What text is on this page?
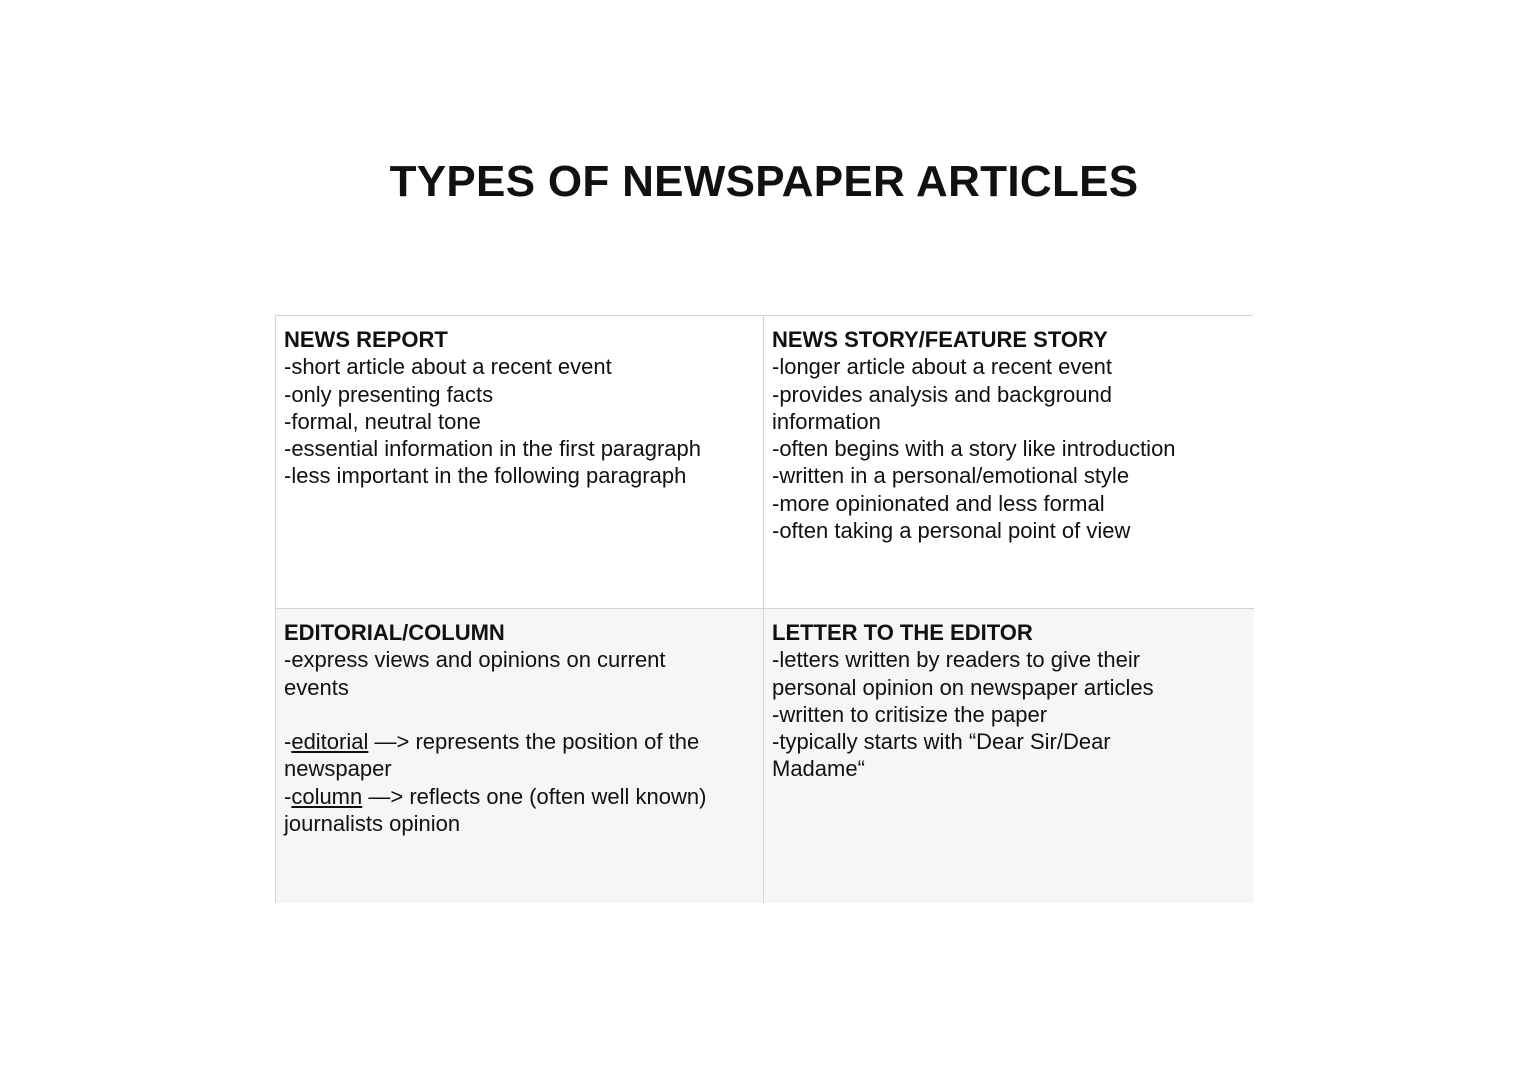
TYPES OF NEWSPAPER ARTICLES

NEWS REPORT

-short article about a recent event

-only presenting facts

-formal, neutral tone

-essential information in the first paragraph

-less important in the following paragraph

NEWS STORY/FEATURE STORY

-longer article about a recent event

-provides analysis and background information

-often begins with a story like introduction

-written in a personal/emotional style

-more opinionated and less formal

-often taking a personal point of view

EDITORIAL/COLUMN

-express views and opinions on current events

-editorial —> represents the position of the newspaper

-column —> reflects one (often well known) journalists opinion

LETTER TO THE EDITOR

-letters written by readers to give their personal opinion on newspaper articles

-written to critisize the paper

-typically starts with “Dear Sir/Dear Madame“
